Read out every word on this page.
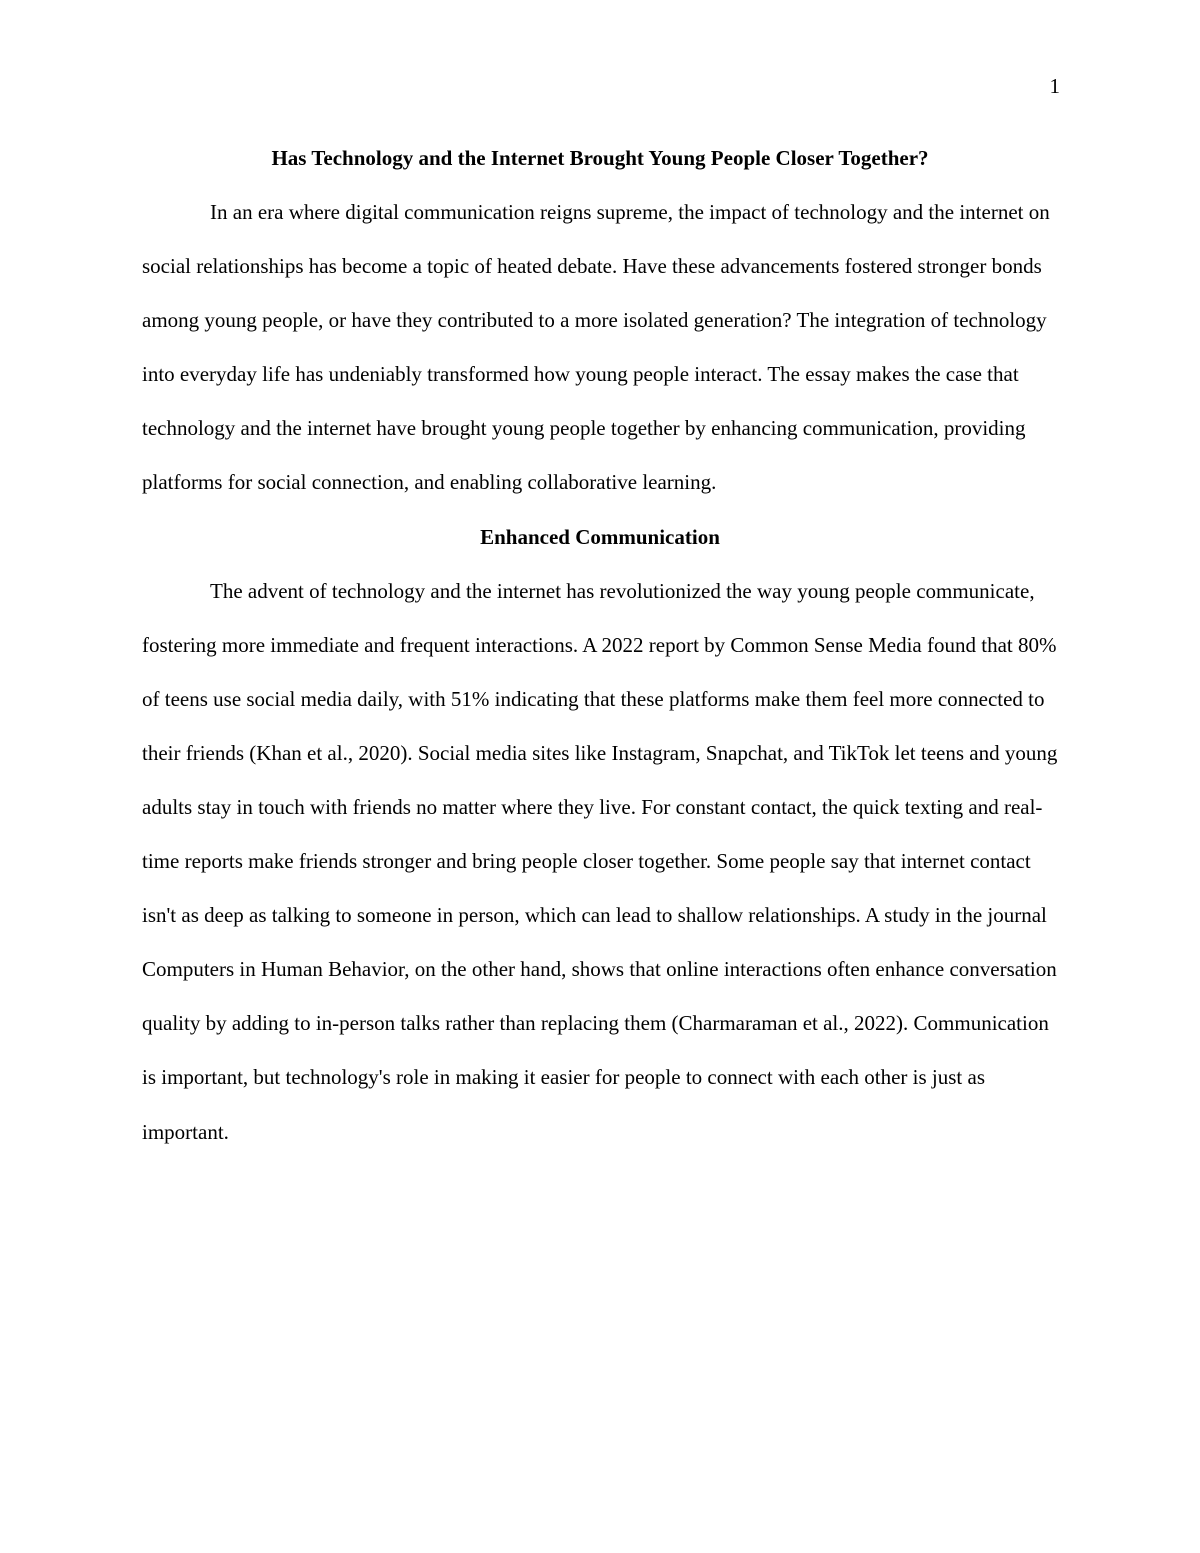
1
Has Technology and the Internet Brought Young People Closer Together?

In an era where digital communication reigns supreme, the impact of technology and the internet on social relationships has become a topic of heated debate. Have these advancements fostered stronger bonds among young people, or have they contributed to a more isolated generation? The integration of technology into everyday life has undeniably transformed how young people interact. The essay makes the case that technology and the internet have brought young people together by enhancing communication, providing platforms for social connection, and enabling collaborative learning.

Enhanced Communication

The advent of technology and the internet has revolutionized the way young people communicate, fostering more immediate and frequent interactions. A 2022 report by Common Sense Media found that 80% of teens use social media daily, with 51% indicating that these platforms make them feel more connected to their friends (Khan et al., 2020). Social media sites like Instagram, Snapchat, and TikTok let teens and young adults stay in touch with friends no matter where they live. For constant contact, the quick texting and real-time reports make friends stronger and bring people closer together. Some people say that internet contact isn't as deep as talking to someone in person, which can lead to shallow relationships. A study in the journal Computers in Human Behavior, on the other hand, shows that online interactions often enhance conversation quality by adding to in-person talks rather than replacing them (Charmaraman et al., 2022). Communication is important, but technology's role in making it easier for people to connect with each other is just as important.
